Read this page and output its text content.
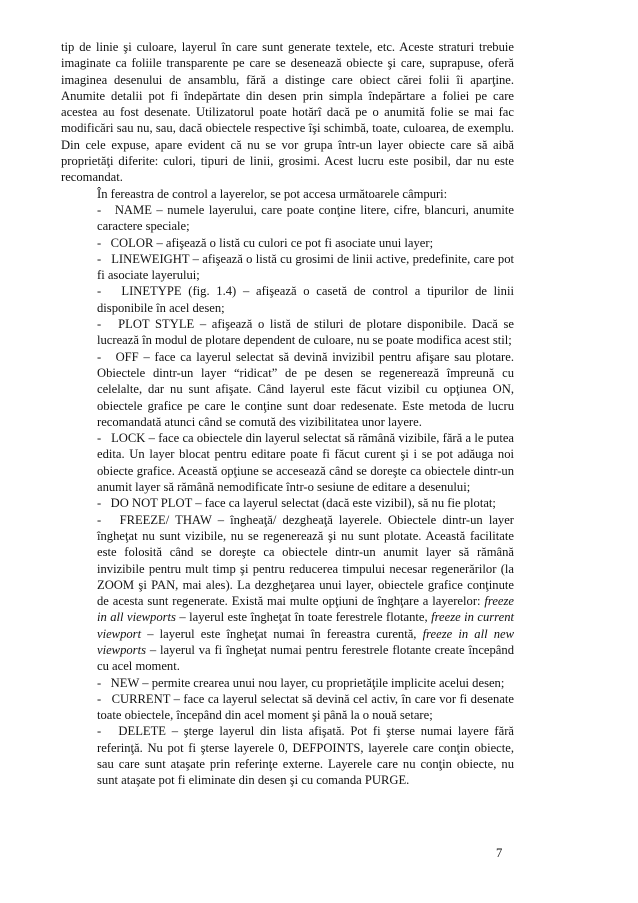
tip de linie şi culoare, layerul în care sunt generate textele, etc. Aceste straturi trebuie imaginate ca foliile transparente pe care se desenează obiecte şi care, suprapuse, oferă imaginea desenului de ansamblu, fără a distinge care obiect cărei folii îi aparţine. Anumite detalii pot fi îndepărtate din desen prin simpla îndepărtare a foliei pe care acestea au fost desenate. Utilizatorul poate hotărî dacă pe o anumită folie se mai fac modificări sau nu, sau, dacă obiectele respective îşi schimbă, toate, culoarea, de exemplu. Din cele expuse, apare evident că nu se vor grupa într-un layer obiecte care să aibă proprietăţi diferite: culori, tipuri de linii, grosimi. Acest lucru este posibil, dar nu este recomandat.

În fereastra de control a layerelor, se pot accesa următoarele câmpuri:

- NAME – numele layerului, care poate conţine litere, cifre, blancuri, anumite caractere speciale;

- COLOR – afişează o listă cu culori ce pot fi asociate unui layer;

- LINEWEIGHT – afişează o listă cu grosimi de linii active, predefinite, care pot fi asociate layerului;

- LINETYPE (fig. 1.4) – afişează o casetă de control a tipurilor de linii disponibile în acel desen;

- PLOT STYLE – afişează o listă de stiluri de plotare disponibile. Dacă se lucrează în modul de plotare dependent de culoare, nu se poate modifica acest stil;

- OFF – face ca layerul selectat să devină invizibil pentru afişare sau plotare. Obiectele dintr-un layer “ridicat” de pe desen se regenerează împreună cu celelalte, dar nu sunt afişate. Când layerul este făcut vizibil cu opţiunea ON, obiectele grafice pe care le conţine sunt doar redesenate. Este metoda de lucru recomandată atunci când se comută des vizibilitatea unor layere.

- LOCK – face ca obiectele din layerul selectat să rămână vizibile, fără a le putea edita. Un layer blocat pentru editare poate fi făcut curent şi i se pot adăuga noi obiecte grafice. Această opţiune se accesează când se doreşte ca obiectele dintr-un anumit layer să rămână nemodificate într-o sesiune de editare a desenului;

- DO NOT PLOT – face ca layerul selectat (dacă este vizibil), să nu fie plotat;

- FREEZE/ THAW – îngheaţă/ dezgheaţă layerele. Obiectele dintr-un layer îngheţat nu sunt vizibile, nu se regenerează şi nu sunt plotate. Această facilitate este folosită când se doreşte ca obiectele dintr-un anumit layer să rămână invizibile pentru mult timp şi pentru reducerea timpului necesar regenerărilor (la ZOOM şi PAN, mai ales). La dezgheţarea unui layer, obiectele grafice conţinute de acesta sunt regenerate. Există mai multe opţiuni de înghţare a layerelor: freeze in all viewports – layerul este îngheţat în toate ferestrele flotante, freeze in current viewport – layerul este îngheţat numai în fereastra curentă, freeze in all new viewports – layerul va fi îngheţat numai pentru ferestrele flotante create începând cu acel moment.

- NEW – permite crearea unui nou layer, cu proprietăţile implicite acelui desen;

- CURRENT – face ca layerul selectat să devină cel activ, în care vor fi desenate toate obiectele, începând din acel moment şi până la o nouă setare;

- DELETE – şterge layerul din lista afişată. Pot fi şterse numai layere fără referinţă. Nu pot fi şterse layerele 0, DEFPOINTS, layerele care conţin obiecte, sau care sunt ataşate prin referinţe externe. Layerele care nu conţin obiecte, nu sunt ataşate pot fi eliminate din desen şi cu comanda PURGE.

7
